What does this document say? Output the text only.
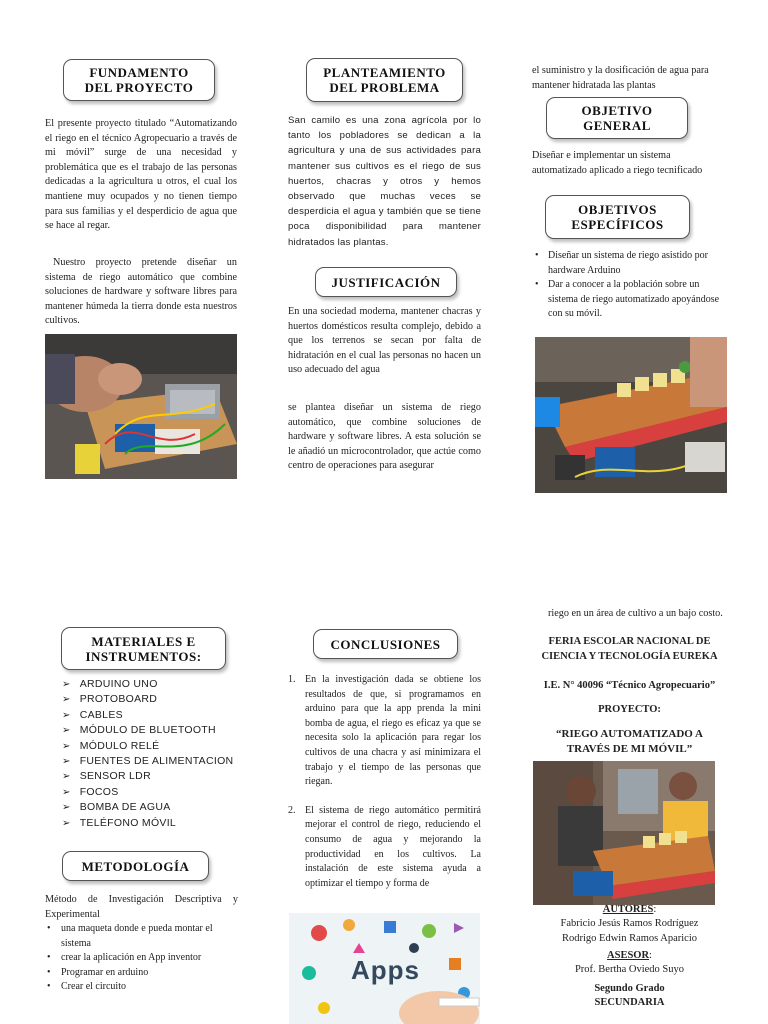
FUNDAMENTO DEL PROYECTO

El presente proyecto titulado “Automatizando el riego en el técnico Agropecuario a través de mi móvil” surge de una necesidad y problemática que es el trabajo de las personas dedicadas a la agricultura u otros, el cual los mantiene muy ocupados y no tienen tiempo para sus familias y el desperdicio de agua que se hace al regar.

Nuestro proyecto pretende diseñar un sistema de riego automático que combine soluciones de hardware y software libres para mantener húmeda la tierra donde esta nuestros cultivos.

PLANTEAMIENTO DEL PROBLEMA

San camilo es una zona agrícola por lo tanto los pobladores se dedican a la agricultura y una de sus actividades para mantener sus cultivos es el riego de sus huertos, chacras y otros y hemos observado que muchas veces se desperdicia el agua y también que se tiene poca disponibilidad para mantener hidratados las plantas.

JUSTIFICACIÓN

En una sociedad moderna, mantener chacras y huertos domésticos resulta complejo, debido a que los terrenos se secan por falta de hidratación en el cual las personas no hacen un uso adecuado del agua

se plantea diseñar un sistema de riego automático, que combine soluciones de hardware y software libres. A esta solución se le añadió un microcontrolador, que actúe como centro de operaciones para asegurar

el suministro y la dosificación de agua para mantener hidratada las plantas

OBJETIVO GENERAL

Diseñar e implementar un sistema automatizado aplicado a riego tecnificado

OBJETIVOS ESPECÍFICOS
• Diseñar un sistema de riego asistido por hardware Arduino
• Dar a conocer a la población sobre un sistema de riego automatizado apoyándose con su móvil.
MATERIALES E INSTRUMENTOS:
➢ ARDUINO UNO
➢ PROTOBOARD
➢ CABLES
➢ MÓDULO DE BLUETOOTH
➢ MÓDULO RELÉ
➢ FUENTES DE ALIMENTACION
➢ SENSOR LDR
➢ FOCOS
➢ BOMBA DE AGUA
➢ TELÉFONO MÓVIL
METODOLOGÍA

Método de Investigación Descriptiva y Experimental

• una maqueta donde e pueda montar el sistema
• crear la aplicación en App inventor
• Programar en arduino
• Crear el circuito
CONCLUSIONES
1. En la investigación dada se obtiene los resultados de que, si programamos en arduino para que la app prenda la mini bomba de agua, el riego es eficaz ya que se necesita solo la aplicación para regar los cultivos de una chacra y así minimizara el trabajo y el tiempo de las personas que riegan.
2. El sistema de riego automático permitirá mejorar el control de riego, reduciendo el consumo de agua y mejorando la productividad en los cultivos. La instalación de este sistema ayuda a optimizar el tiempo y forma de
Apps

riego en un área de cultivo a un bajo costo.

FERIA ESCOLAR NACIONAL DE CIENCIA Y TECNOLOGÍA EUREKA
I.E. N° 40096 “Técnico Agropecuario”
PROYECTO:
“RIEGO AUTOMATIZADO A TRAVÉS DE MI MÓVIL”
AUTORES:
Fabricio Jesús Ramos Rodríguez
Rodrigo Edwin Ramos Aparicio
ASESOR:
Prof. Bertha Oviedo Suyo
Segundo Grado
SECUNDARIA
